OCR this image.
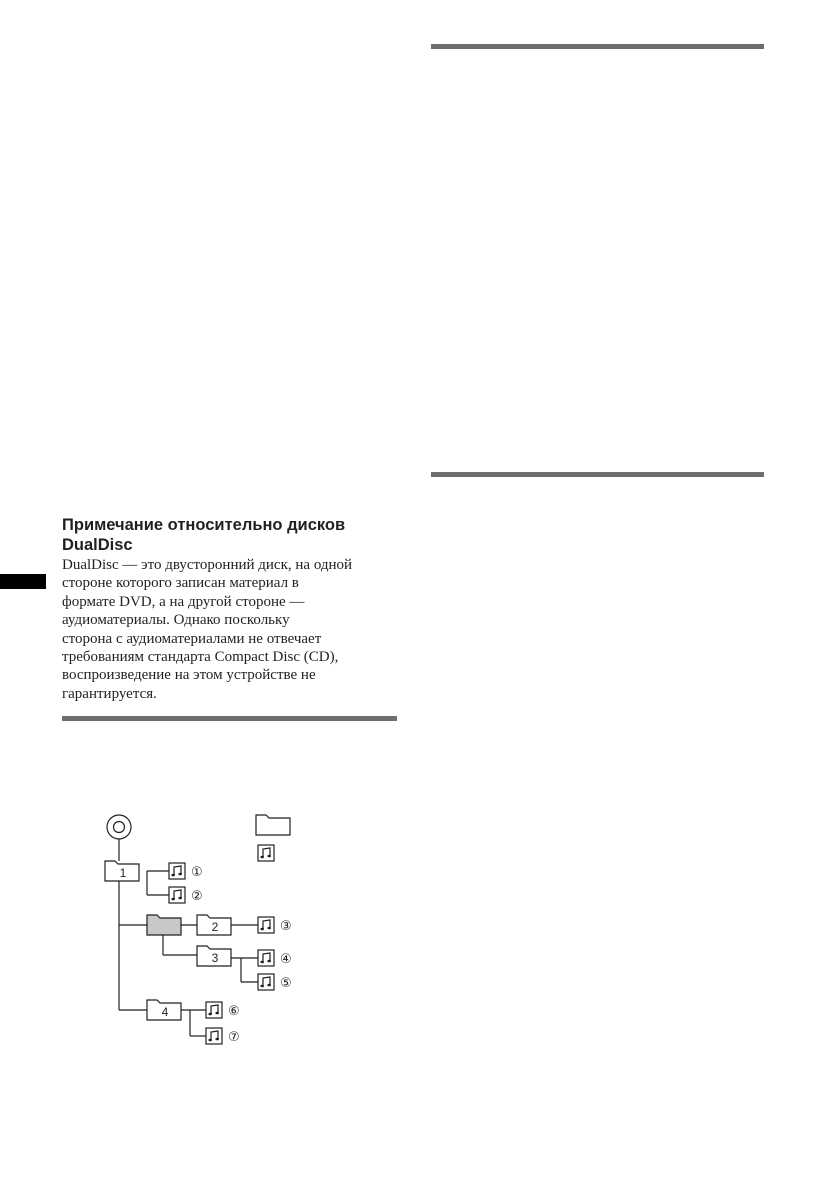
Примечание относительно дисков
DualDisc
DualDisc — это двусторонний диск, на одной
стороне которого записан материал в
формате DVD, а на другой стороне —
аудиоматериалы. Однако поскольку
сторона с аудиоматериалами не отвечает
требованиям стандарта Compact Disc (CD),
воспроизведение на этом устройстве не
гарантируется.
1
2
3
4
①
②
③
④
⑤
⑥
⑦
